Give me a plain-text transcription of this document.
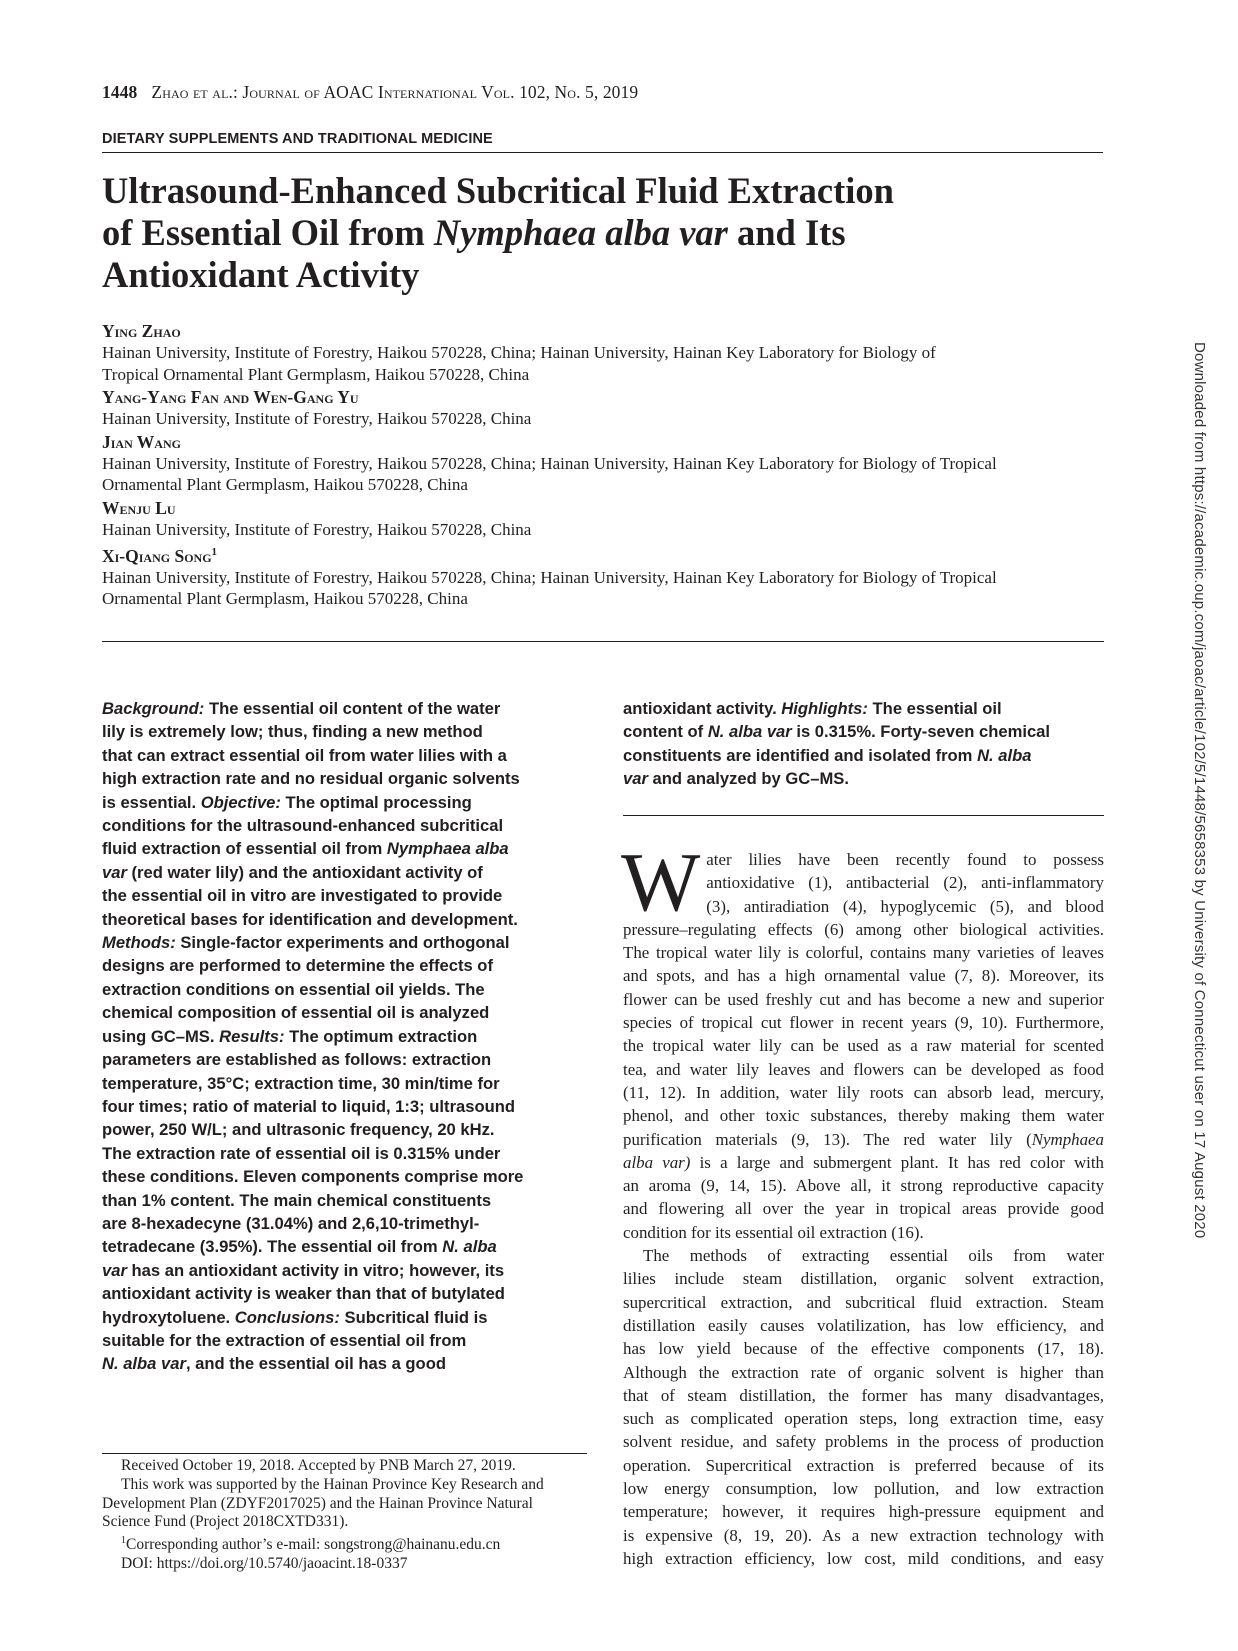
1448 Zhao et al.: Journal of AOAC International Vol. 102, No. 5, 2019
DIETARY SUPPLEMENTS AND TRADITIONAL MEDICINE
Ultrasound-Enhanced Subcritical Fluid Extraction
of Essential Oil from Nymphaea alba var and Its
Antioxidant Activity
Ying Zhao
Hainan University, Institute of Forestry, Haikou 570228, China; Hainan University, Hainan Key Laboratory for Biology of
Tropical Ornamental Plant Germplasm, Haikou 570228, China
Yang-Yang Fan and Wen-Gang Yu
Hainan University, Institute of Forestry, Haikou 570228, China
Jian Wang
Hainan University, Institute of Forestry, Haikou 570228, China; Hainan University, Hainan Key Laboratory for Biology of Tropical
Ornamental Plant Germplasm, Haikou 570228, China
Wenju Lu
Hainan University, Institute of Forestry, Haikou 570228, China
Xi-Qiang Song$^1$
Hainan University, Institute of Forestry, Haikou 570228, China; Hainan University, Hainan Key Laboratory for Biology of Tropical
Ornamental Plant Germplasm, Haikou 570228, China
Background: The essential oil content of the water
lily is extremely low; thus, finding a new method
that can extract essential oil from water lilies with a
high extraction rate and no residual organic solvents
is essential. Objective: The optimal processing
conditions for the ultrasound-enhanced subcritical
fluid extraction of essential oil from Nymphaea alba
var (red water lily) and the antioxidant activity of
the essential oil in vitro are investigated to provide
theoretical bases for identification and development.
Methods: Single-factor experiments and orthogonal
designs are performed to determine the effects of
extraction conditions on essential oil yields. The
chemical composition of essential oil is analyzed
using GC–MS. Results: The optimum extraction
parameters are established as follows: extraction
temperature, 35°C; extraction time, 30 min/time for
four times; ratio of material to liquid, 1:3; ultrasound
power, 250 W/L; and ultrasonic frequency, 20 kHz.
The extraction rate of essential oil is 0.315% under
these conditions. Eleven components comprise more
than 1% content. The main chemical constituents
are 8-hexadecyne (31.04%) and 2,6,10-trimethyl-
tetradecane (3.95%). The essential oil from N. alba
var has an antioxidant activity in vitro; however, its
antioxidant activity is weaker than that of butylated
hydroxytoluene. Conclusions: Subcritical fluid is
suitable for the extraction of essential oil from
N. alba var, and the essential oil has a good
antioxidant activity. Highlights: The essential oil
content of N. alba var is 0.315%. Forty-seven chemical
constituents are identified and isolated from N. alba
var and analyzed by GC–MS.
W ater lilies have been recently found to possess
antioxidative (1), antibacterial (2), anti-inflammatory
(3), antiradiation (4), hypoglycemic (5), and blood
pressure–regulating effects (6) among other biological activities.
The tropical water lily is colorful, contains many varieties of leaves
and spots, and has a high ornamental value (7, 8). Moreover, its
flower can be used freshly cut and has become a new and superior
species of tropical cut flower in recent years (9, 10). Furthermore,
the tropical water lily can be used as a raw material for scented
tea, and water lily leaves and flowers can be developed as food
(11, 12). In addition, water lily roots can absorb lead, mercury,
phenol, and other toxic substances, thereby making them water
purification materials (9, 13). The red water lily (Nymphaea
alba var) is a large and submergent plant. It has red color with
an aroma (9, 14, 15). Above all, it strong reproductive capacity
and flowering all over the year in tropical areas provide good
condition for its essential oil extraction (16).
The methods of extracting essential oils from water
lilies include steam distillation, organic solvent extraction,
supercritical extraction, and subcritical fluid extraction. Steam
distillation easily causes volatilization, has low efficiency, and
has low yield because of the effective components (17, 18).
Although the extraction rate of organic solvent is higher than
that of steam distillation, the former has many disadvantages,
such as complicated operation steps, long extraction time, easy
solvent residue, and safety problems in the process of production
operation. Supercritical extraction is preferred because of its
low energy consumption, low pollution, and low extraction
temperature; however, it requires high-pressure equipment and
is expensive (8, 19, 20). As a new extraction technology with
high extraction efficiency, low cost, mild conditions, and easy
Received October 19, 2018. Accepted by PNB March 27, 2019.
This work was supported by the Hainan Province Key Research and
Development Plan (ZDYF2017025) and the Hainan Province Natural
Science Fund (Project 2018CXTD331).
$^1$Corresponding author’s e-mail: songstrong@hainanu.edu.cn
DOI: https://doi.org/10.5740/jaoacint.18-0337
Downloaded from https://academic.oup.com/jaoac/article/102/5/1448/5658353 by University of Connecticut user on 17 August 2020
